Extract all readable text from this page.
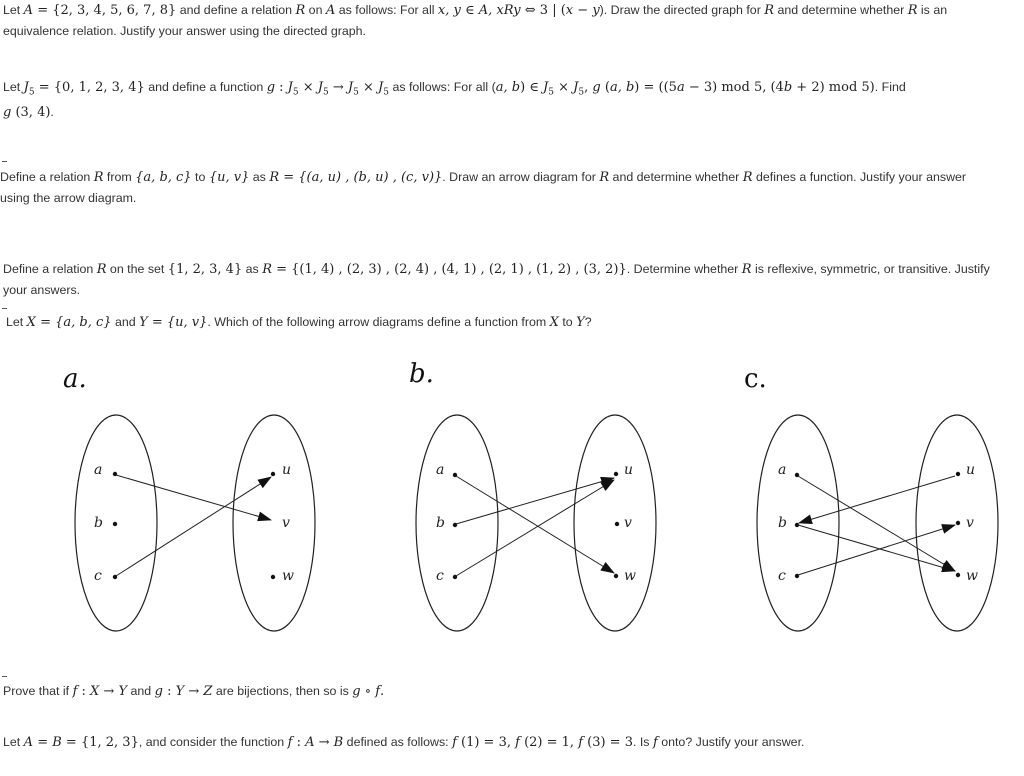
Let A = {2, 3, 4, 5, 6, 7, 8} and define a relation R on A as follows: For all x, y ∈ A, xRy ⇔ 3 | (x − y). Draw the directed graph for R and determine whether R is an
equivalence relation. Justify your answer using the directed graph.
Let $J_5 = \{0$, 1, 2, 3, 4} and define a function g : $J_5 \times J_5 \to J_5 \times J_5$ as follows: For all (a, b) ∈ $J_5 \times J_5$, g (a, b) = ((5a − 3) mod 5, (4b + 2) mod 5). Find
g (3, 4).
Define a relation R from {a, b, c} to {u, v} as R = {(a, u) , (b, u) , (c, v)}. Draw an arrow diagram for R and determine whether R defines a function. Justify your answer
using the arrow diagram.
Define a relation R on the set {1, 2, 3, 4} as R = {(1, 4) , (2, 3) , (2, 4) , (4, 1) , (2, 1) , (1, 2) , (3, 2)}. Determine whether R is reflexive, symmetric, or transitive. Justify
your answers.
Let X = {a, b, c} and Y = {u, v}. Which of the following arrow diagrams define a function from X to Y?
a.	b.	c.
a
b
c
u
v
w
a
b
c
u
v
w
a
b
c
u
v
w
Prove that if f : X → Y and g : Y → Z are bijections, then so is g ∘ f.
Let A = B = {1, 2, 3}, and consider the function f : A → B defined as follows: f (1) = 3, f (2) = 1, f (3) = 3. Is f onto? Justify your answer.
